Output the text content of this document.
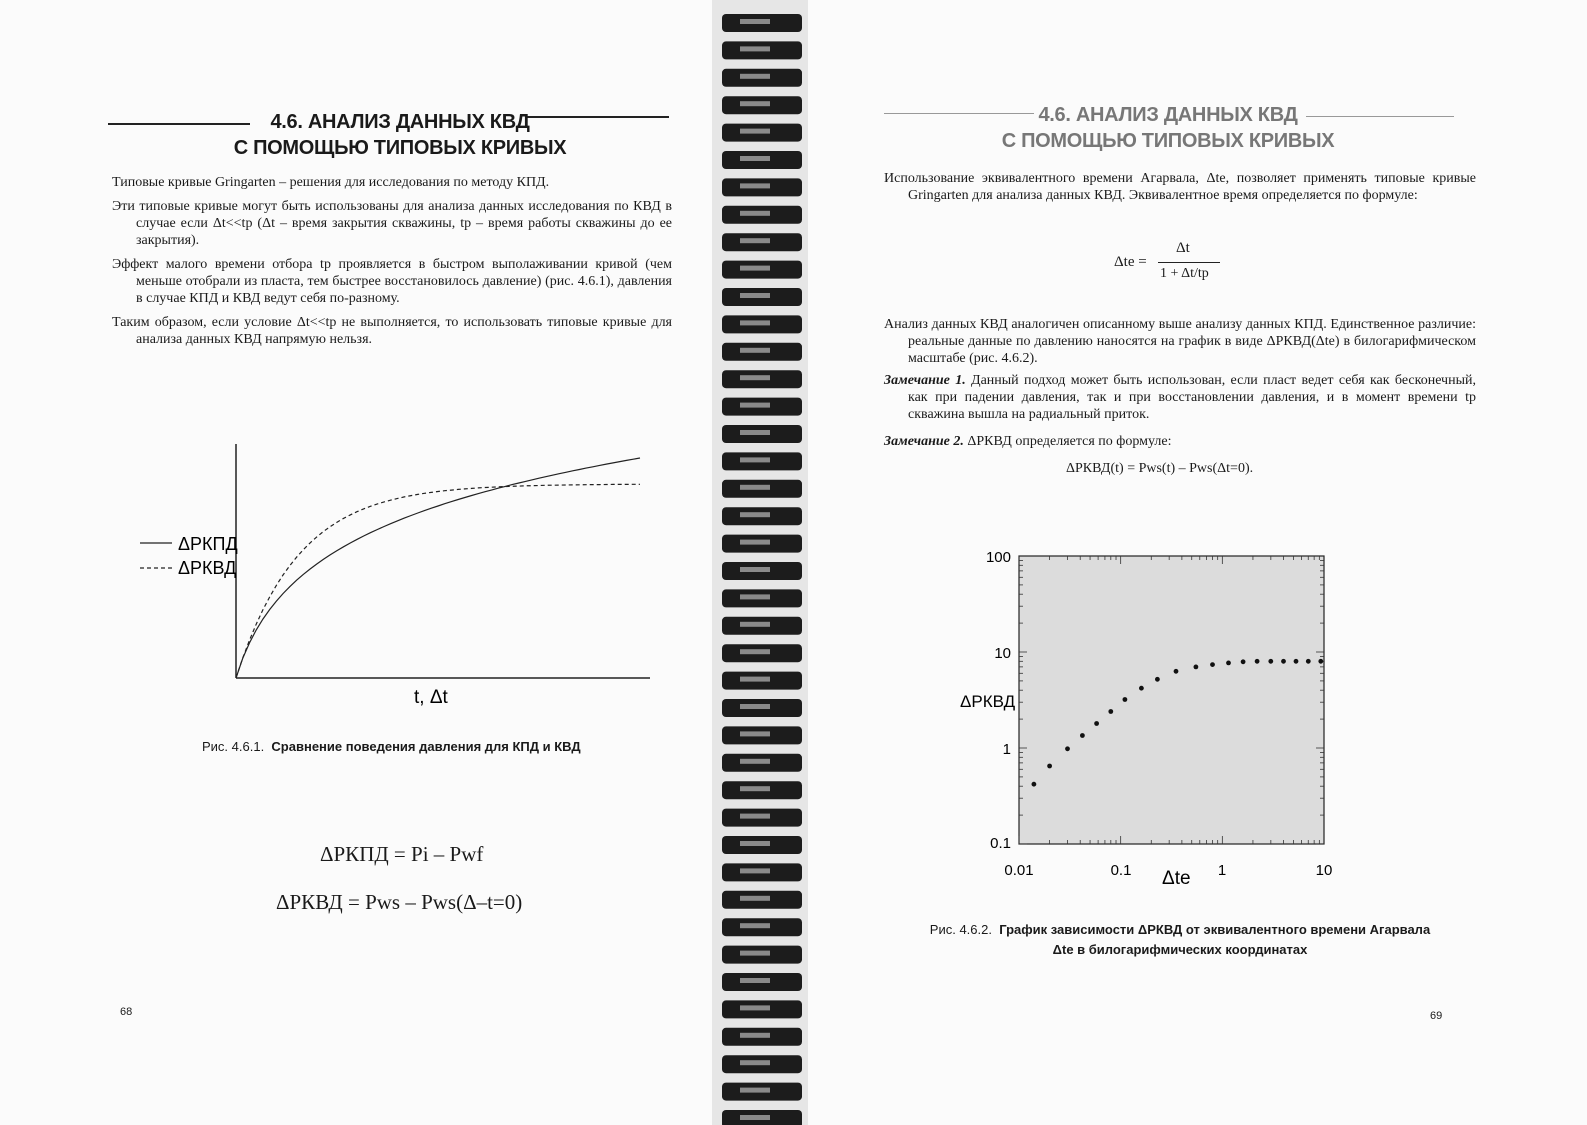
4.6. АНАЛИЗ ДАННЫХ КВД
С ПОМОЩЬЮ ТИПОВЫХ КРИВЫХ

Типовые кривые Gringarten – решения для исследования по методу КПД.

Эти типовые кривые могут быть использованы для анализа данных исследования по КВД в случае если Δt<<tp (Δt – время закрытия скважины, tp – время работы скважины до ее закрытия).

Эффект малого времени отбора tp проявляется в быстром выполаживании кривой (чем меньше отобрали из пласта, тем быстрее восстановилось давление) (рис. 4.6.1), давления в случае КПД и КВД ведут себя по-разному.

Таким образом, если условие Δt<<tp не выполняется, то использовать типовые кривые для анализа данных КВД напрямую нельзя.

ΔPКПД
ΔPКВД
t, Δt
Рис. 4.6.1. Сравнение поведения давления для КПД и КВД
ΔPКПД = Pi – Pwf
ΔPКВД = Pws – Pws(Δ–t=0)
68
4.6. АНАЛИЗ ДАННЫХ КВД
С ПОМОЩЬЮ ТИПОВЫХ КРИВЫХ
Использование эквивалентного времени Агарвала, Δte, позволяет применять типовые кривые Gringarten для анализа данных КВД. Эквивалентное время определяется по формуле:
Δte =
Δt
1 + Δt/tp
Анализ данных КВД аналогичен описанному выше анализу данных КПД. Единственное различие: реальные данные по давлению наносятся на график в виде ΔPКВД(Δte) в билогарифмическом масштабе (рис. 4.6.2).
Замечание 1. Данный подход может быть использован, если пласт ведет себя как бесконечный, как при падении давления, так и при восстановлении давления, и в момент времени tp скважина вышла на радиальный приток.
Замечание 2. ΔPКВД определяется по формуле:
ΔPКВД(t) = Pws(t) – Pws(Δt=0).
100
10
1
0.1
0.01	0.1	1	10
ΔPКВД
Δte
Рис. 4.6.2. График зависимости ΔPКВД от эквивалентного времени Агарвала
Δte в билогарифмических координатах
69
